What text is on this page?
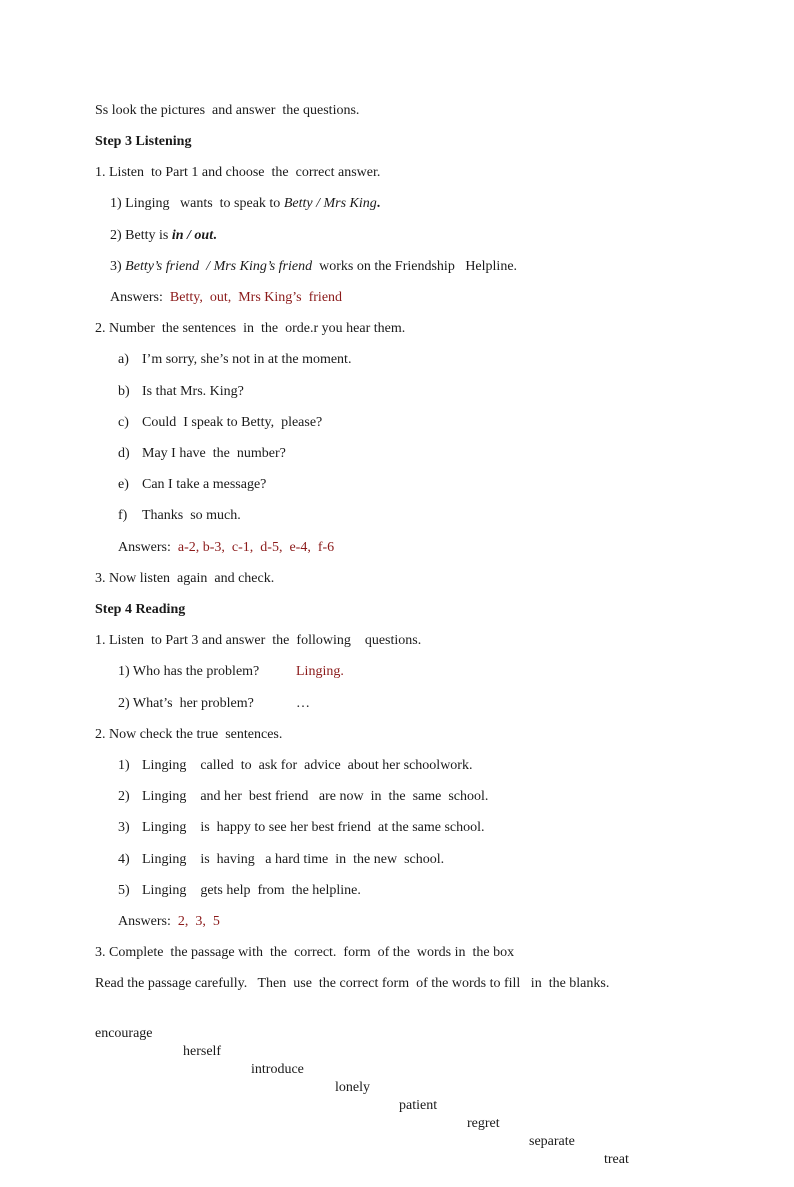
Ss look the pictures  and answer  the questions.
Step 3 Listening
1. Listen  to Part 1 and choose  the  correct answer.
1) Linging   wants  to speak to Betty / Mrs King.
2) Betty is in / out.
3) Betty’s friend  / Mrs King’s friend  works on the Friendship   Helpline.
Answers:  Betty,  out,  Mrs King’s  friend
2. Number  the sentences  in  the  orde.r you hear them.
a) I’m sorry, she’s not in at the moment.
b) Is that Mrs. King?
c) Could  I speak to Betty,  please?
d) May I have  the  number?
e) Can I take a message?
f) Thanks  so much.
Answers:  a-2, b-3,  c-1,  d-5,  e-4,  f-6
3. Now listen  again  and check.
Step 4 Reading
1. Listen  to Part 3 and answer  the  following    questions.
1) Who has the problem?	Linging.
2) What’s  her problem?	…
2. Now check the true  sentences.
1) Linging    called  to  ask for  advice  about her schoolwork.
2) Linging    and her  best friend   are now  in  the  same  school.
3) Linging    is  happy to see her best friend  at the same school.
4) Linging    is  having   a hard time  in  the new  school.
5) Linging    gets help  from  the helpline.
Answers:  2,  3,  5
3. Complete  the passage with  the  correct.  form  of the  words in  the box
Read the passage carefully.   Then  use  the correct form  of the words to fill   in  the blanks.

encourage

herself

introduce

lonely

patient

regret

separate

treat
